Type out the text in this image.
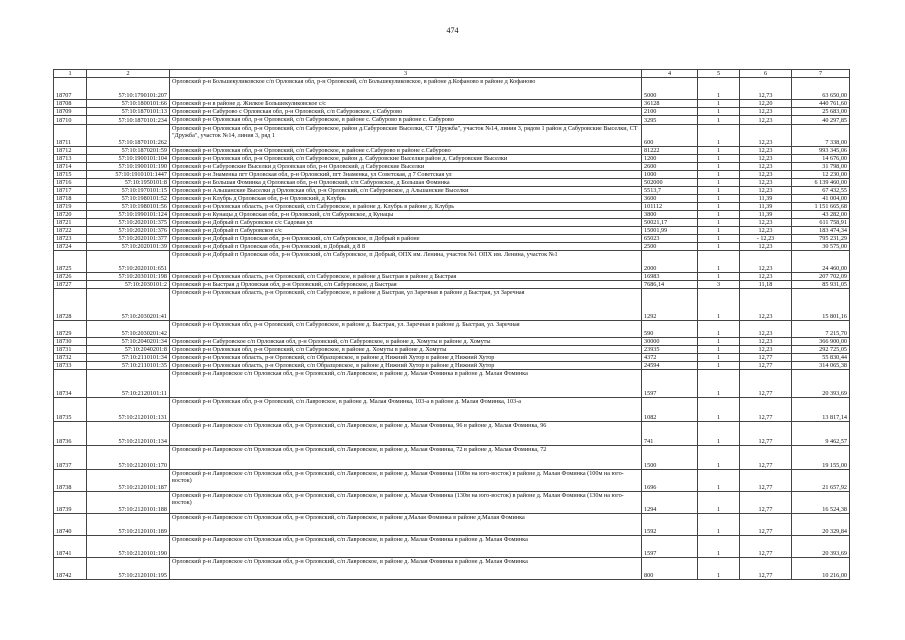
474
1	2	3	4	5	6	7
18707	57:10:1790101:207	Орловский р-н Большекуликовское с/п Орловская обл, р-н Орловский, с/п Большекуликовское, в районе д.Кофаново в районе д Кофаново	5000	1	12,73	63 650,00
18708	57:10:1800101:66	Орловский р-н в районе д. Жилкое Большекуликовское с/с	36128	1	12,20	440 761,60
18709	57:10:1870101:13	Орловский р-н Сабурово с Орловская обл, р-н Орловский, с/п Сабуровское, с Сабурово	2100	1	12,23	25 683,00
18710	57:10:1870101:234	Орловский р-н Орловская обл, р-н Орловский, с/п Сабуровское, в районе с. Сабурово в районе с. Сабурово	3295	1	12,23	40 297,85
18711	57:10:1870101:262	Орловский р-н Орловская обл, р-н Орловский, с/п Сабуровское, район д.Сабуровские Выселки, СТ "Дружба", участок №14, линия 3, рядом 1 район д Сабуровские Выселки, СТ "Дружба", участок №14, линия 3, ряд 1	600	1	12,23	7 338,00
18712	57:10:1870201:59	Орловский р-н Орловская обл, р-н Орловский, с/п Сабуровское, в районе с.Сабурово в районе с.Сабурово	81222	1	12,23	993 345,06
18713	57:10:1900101:104	Орловский р-н Орловская обл, р-н Орловский, с/п Сабуровское, район д. Сабуровские Выселки район д. Сабуровские Выселки	1200	1	12,23	14 676,00
18714	57:10:1900101:190	Орловский р-н Сабуровские Выселки д Орловская обл, р-н Орловский, д Сабуровские Выселки	2600	1	12,23	31 798,00
18715	57:10:1910101:1447	Орловский р-н Знаменка пгт Орловская обл, р-н Орловский, пгт Знаменка, ул Советская, д 7 Советская ул	1000	1	12,23	12 230,00
18716	57:10:1950101:8	Орловский р-н Большая Фоминка д Орловская обл, р-н Орловский, с/п Сабуровское, д Большая Фоминка	502000	1	12,23	6 139 460,00
18717	57:10:1970101:15	Орловский р-н Альшанские Выселки д Орловская обл, р-н Орловский, с/п Сабуровское, д Альшанские Выселки	5513,7	1	12,23	67 432,55
18718	57:10:1980101:52	Орловский р-н Клубрь д Орловская обл, р-н Орловский, д Клубрь	3600	1	11,39	41 004,00
18719	57:10:1980101:56	Орловский р-н Орловская область, р-н Орловский, с/п Сабуровское, в районе д. Клубрь в районе д. Клубрь	101112	1	11,39	1 151 665,68
18720	57:10:1990101:124	Орловский р-н Кунацы д Орловская обл, р-н Орловский, с/п Сабуровское, д Кунацы	3800	1	11,39	43 282,00
18721	57:10:2020101:375	Орловский р-н Добрый п Сабуровское с/с Садовая ул	50021,17	1	12,23	611 758,91
18722	57:10:2020101:376	Орловский р-н Добрый п Сабуровское с/с	15001,99	1	12,23	183 474,34
18723	57:10:2020101:377	Орловский р-н Добрый п Орловская обл, р-н Орловский, с/п Сабуровское, п Добрый в районе	65023	1	- 12,23	795 231,29
18724	57:10:2020101:39	Орловский р-н Добрый п Орловская обл, р-н Орловский, п Добрый, д 8 8	2500	1	12,23	30 575,00
18725	57:10:2020101:651	Орловский р-н Добрый п Орловская обл, р-н Орловский, с/п Сабуровское, п Добрый, ОПХ им. Ленина, участок №1 ОПХ им. Ленина, участок №1	2000	1	12,23	24 460,00
18726	57:10:2030101:198	Орловский р-н Орловская область, р-н Орловский, с/п Сабуровское, в районе д Быстрая в районе д Быстрая	16983	1	12,23	207 702,09
18727	57:10:2030101:2	Орловский р-н Быстрая д Орловская обл, р-н Орловский, с/п Сабуровское, д Быстрая	7686,14	3	11,18	85 931,05
18728	57:10:2030201:41	Орловский р-н Орловская область, р-н Орловский, с/п Сабуровское, в районе д Быстрая, ул Заречная в районе д Быстрая, ул Заречная	1292	1	12,23	15 801,16
18729	57:10:2030201:42	Орловский р-н Орловская обл, р-н Орловский, с/п Сабуровское, в районе д. Быстрая, ул. Заречная в районе д. Быстрая, ул. Заречная	590	1	12,23	7 215,70
18730	57:10:2040201:34	Орловский р-н Сабуровское с/п Орловская обл, р-н Орловский, с/п Сабуровское, в районе д. Хомуты в районе д. Хомуты	30000	1	12,23	366 900,00
18731	57:10:2040201:8	Орловский р-н Орловская обл, р-н Орловский, с/п Сабуровское, в районе д. Хомуты в районе д. Хомуты	23935	1	12,23	292 725,05
18732	57:10:2110101:34	Орловский р-н Орловская область, р-н Орловский, с/п Образцовское, в районе д Нижний Хутор в районе д Нижний Хутор	4372	1	12,77	55 830,44
18733	57:10:2110101:35	Орловский р-н Орловская область, р-н Орловский, с/п Образцовское, в районе д Нижний Хутор в районе д Нижний Хутор	24594	1	12,77	314 065,38
18734	57:10:2120101:11	Орловский р-н Лавровское с/п Орловская обл, р-н Орловский, с/п Лавровское, в районе д. Малая Фоминка в районе д. Малая Фоминка	1597	1	12,77	20 393,69
18735	57:10:2120101:131	Орловский р-н Орловская обл, р-н Орловский, с/п Лавровское, в районе д. Малая Фоминка, 103-а в районе д. Малая Фоминка, 103-а	1082	1	12,77	13 817,14
18736	57:10:2120101:134	Орловский р-н Лавровское с/п Орловская обл, р-н Орловский, с/п Лавровское, в районе д. Малая Фоминка, 96 в районе д. Малая Фоминка, 96	741	1	12,77	9 462,57
18737	57:10:2120101:170	Орловский р-н Лавровское с/п Орловская обл, р-н Орловский, с/п Лавровское, в районе д. Малая Фоминка, 72 в районе д. Малая Фоминка, 72	1500	1	12,77	19 155,00
18738	57:10:2120101:187	Орловский р-н Лавровское с/п Орловская обл, р-н Орловский, с/п Лавровское, в районе д. Малая Фоминка (100м на юго-восток) в районе д. Малая Фоминка (100м на юго-восток)	1696	1	12,77	21 657,92
18739	57:10:2120101:188	Орловский р-н Лавровское с/п Орловская обл, р-н Орловский, с/п Лавровское, в районе д. Малая Фоминка (130м на юго-восток) в районе д. Малая Фоминка (130м на юго-восток)	1294	1	12,77	16 524,38
18740	57:10:2120101:189	Орловский р-н Лавровское с/п Орловская обл, р-н Орловский, с/п Лавровское, в районе д.Малая Фоминка в районе д.Малая Фоминка	1592	1	12,77	20 329,84
18741	57:10:2120101:190	Орловский р-н Лавровское с/п Орловская обл, р-н Орловский, с/п Лавровское, в районе д. Малая Фоминка в районе д. Малая Фоминка	1597	1	12,77	20 393,69
18742	57:10:2120101:195	Орловский р-н Лавровское с/п Орловская обл, р-н Орловский, с/п Лавровское, в районе д. Малая Фоминка в районе д. Малая Фоминка	800	1	12,77	10 216,00
